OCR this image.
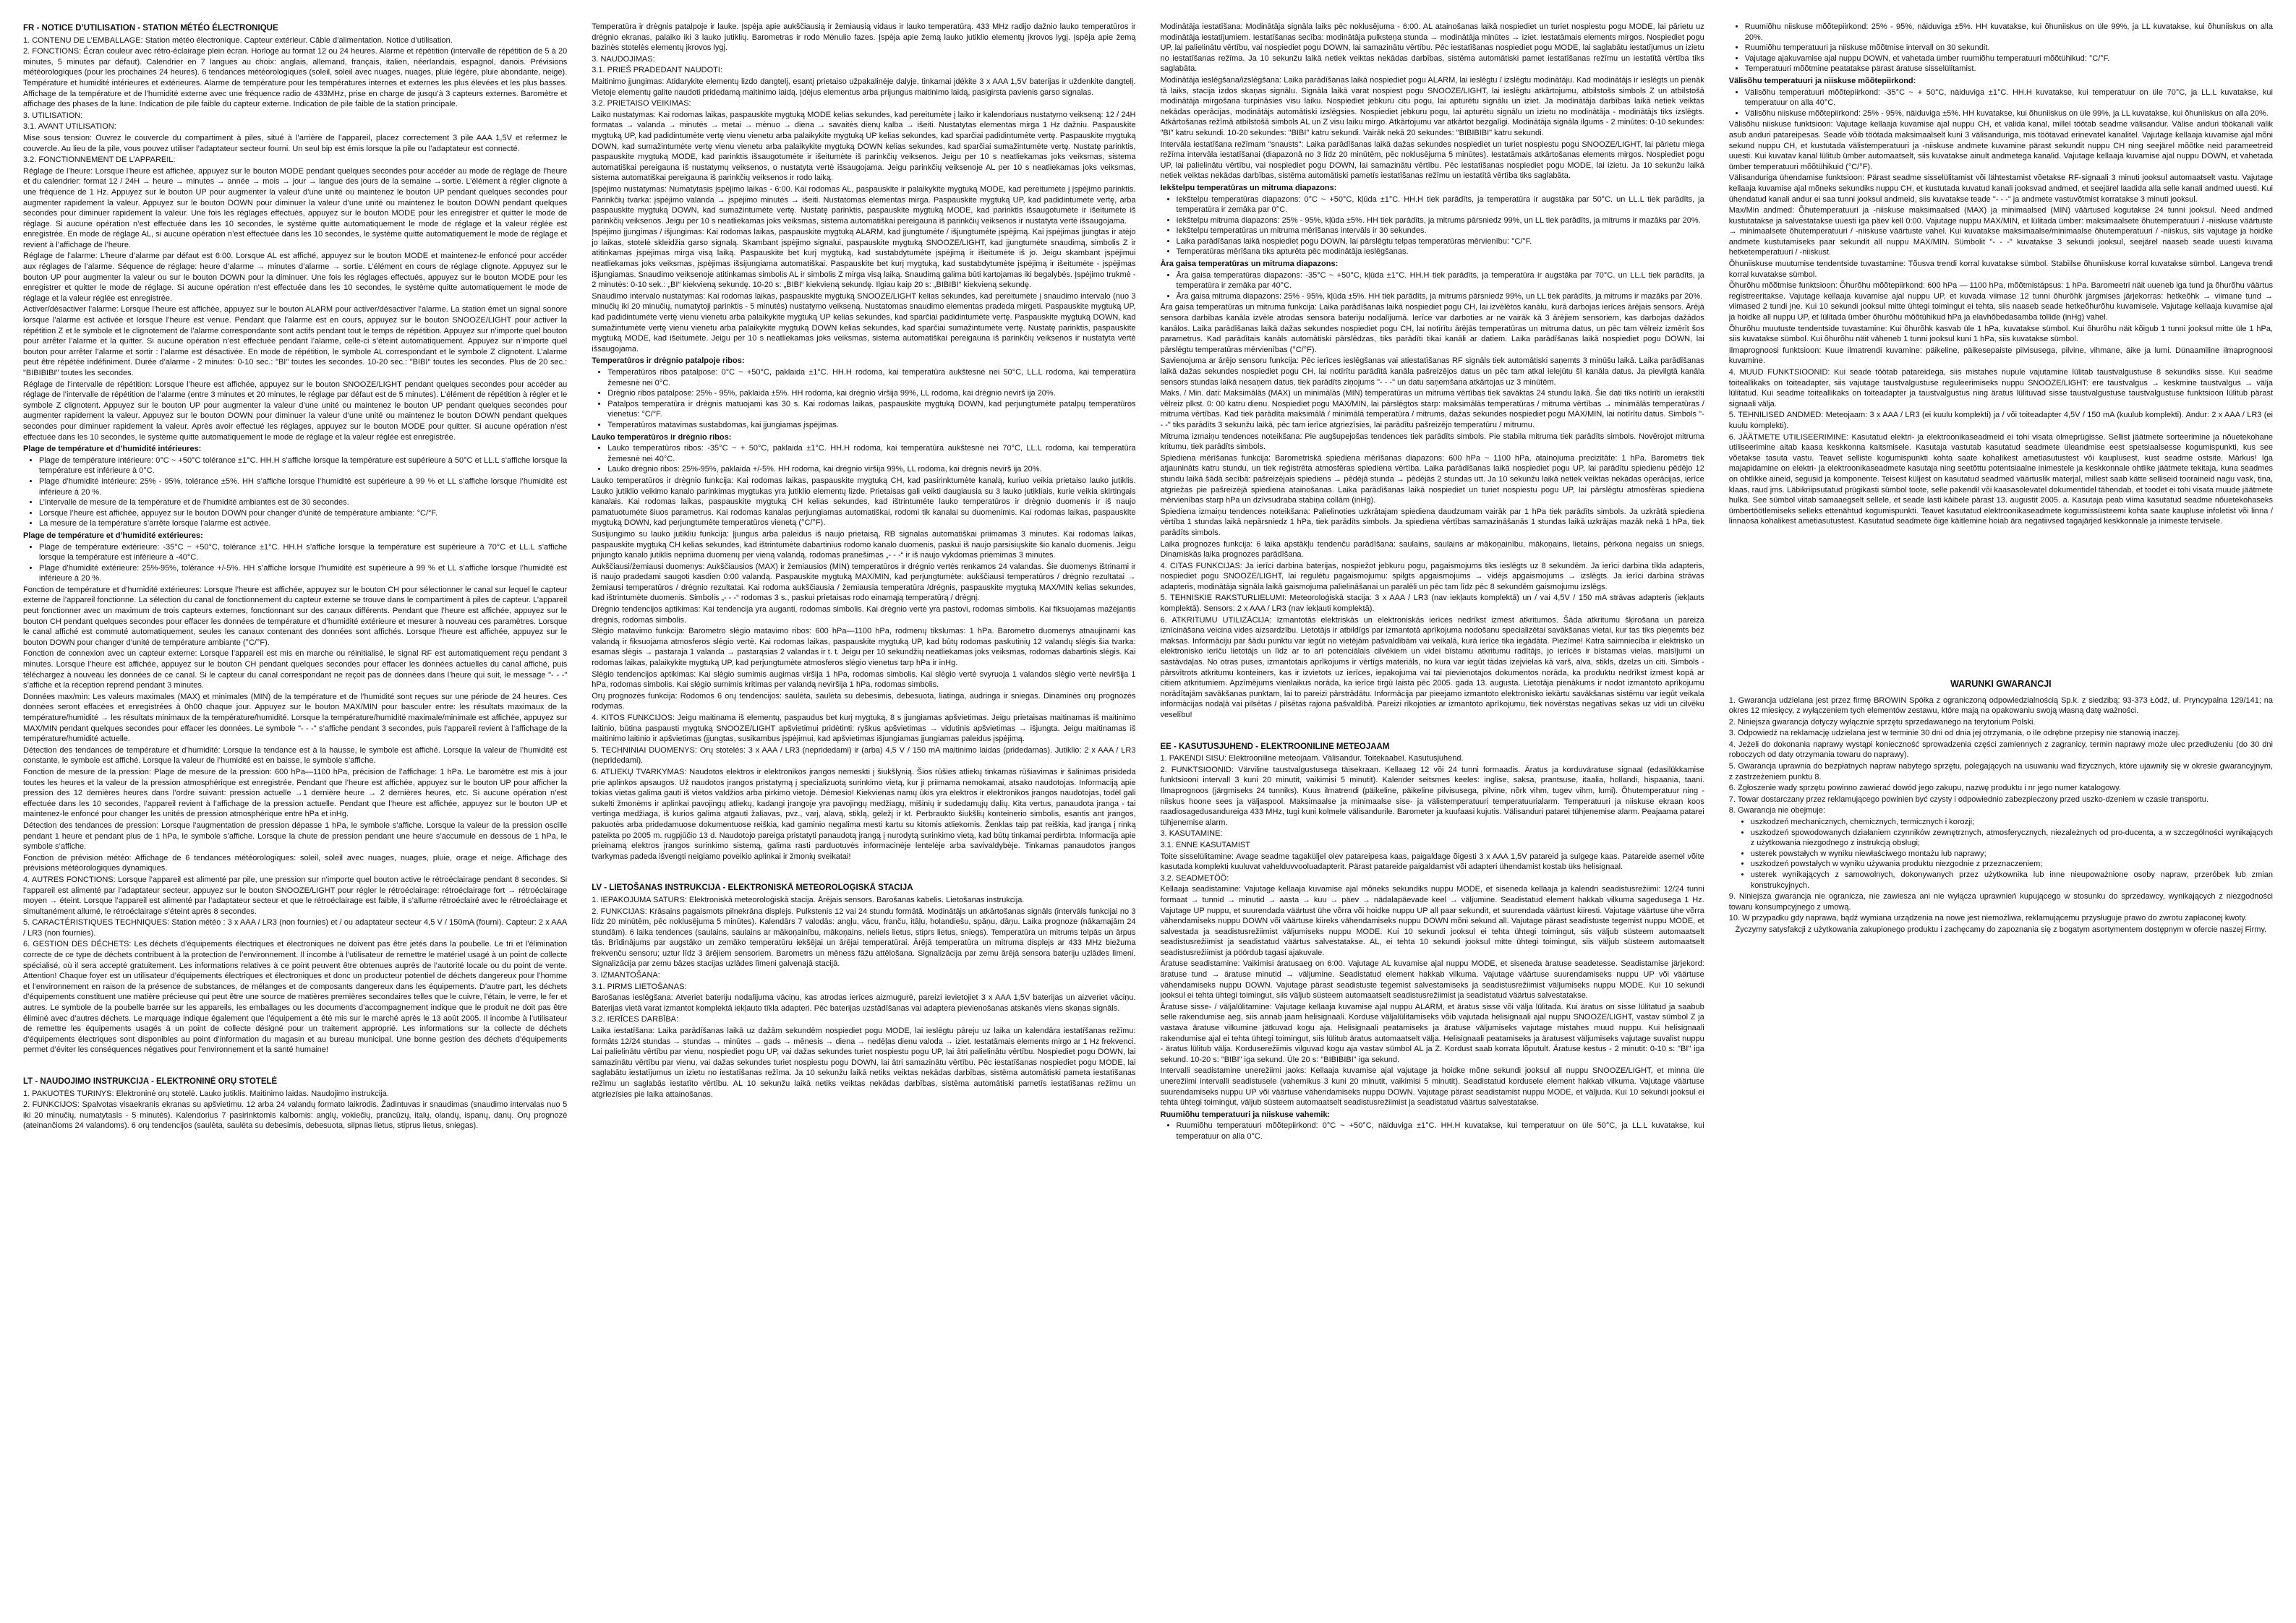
FR - NOTICE D’UTILISATION - STATION MÉTÉO ÉLECTRONIQUE

1. CONTENU DE L’EMBALLAGE: Station météo électronique. Capteur extérieur. Câble d’alimentation. Notice d’utilisation.

2. FONCTIONS: Écran couleur avec rétro-éclairage plein écran. Horloge au format 12 ou 24 heures. Alarme et répétition (intervalle de répétition de 5 à 20 minutes, 5 minutes par défaut). Calendrier en 7 langues au choix: anglais, allemand, français, italien, néerlandais, espagnol, danois. Prévisions météorologiques (pour les prochaines 24 heures). 6 tendances météorologiques (soleil, soleil avec nuages, nuages, pluie légère, pluie abondante, neige). Température et humidité intérieures et extérieures. Alarme de température pour les températures internes et externes les plus élevées et les plus basses. Affichage de la température et de l’humidité externe avec une fréquence radio de 433MHz, prise en charge de jusqu’à 3 capteurs externes. Baromètre et affichage des phases de la lune. Indication de pile faible du capteur externe. Indication de pile faible de la station principale.

3. UTILISATION:

3.1. AVANT UTILISATION:

Mise sous tension: Ouvrez le couvercle du compartiment à piles, situé à l’arrière de l’appareil, placez correctement 3 pile AAA 1,5V et refermez le couvercle. Au lieu de la pile, vous pouvez utiliser l’adaptateur secteur fourni. Un seul bip est émis lorsque la pile ou l’adaptateur est connecté.

3.2. FONCTIONNEMENT DE L’APPAREIL:

Réglage de l’heure: Lorsque l’heure est affichée, appuyez sur le bouton MODE pendant quelques secondes pour accéder au mode de réglage de l’heure et du calendrier: format 12 / 24H → heure → minutes → année → mois → jour → langue des jours de la semaine →sortie. L’élément à régler clignote à une fréquence de 1 Hz. Appuyez sur le bouton UP pour augmenter la valeur d’une unité ou maintenez le bouton UP pendant quelques secondes pour augmenter rapidement la valeur. Appuyez sur le bouton DOWN pour diminuer la valeur d’une unité ou maintenez le bouton DOWN pendant quelques secondes pour diminuer rapidement la valeur. Une fois les réglages effectués, appuyez sur le bouton MODE pour les enregistrer et quitter le mode de réglage. Si aucune opération n’est effectuée dans les 10 secondes, le système quitte automatiquement le mode de réglage et la valeur réglée est enregistrée. En mode de réglage AL, si aucune opération n’est effectuée dans les 10 secondes, le système quitte automatiquement le mode de réglage et revient à l’affichage de l’heure.

Réglage de l’alarme: L’heure d’alarme par défaut est 6:00. Lorsque AL est affiché, appuyez sur le bouton MODE et maintenez-le enfoncé pour accéder aux réglages de l’alarme. Séquence de réglage: heure d’alarme → minutes d’alarme → sortie. L’élément en cours de réglage clignote. Appuyez sur le bouton UP pour augmenter la valeur ou sur le bouton DOWN pour la diminuer. Une fois les réglages effectués, appuyez sur le bouton MODE pour les enregistrer et quitter le mode de réglage. Si aucune opération n’est effectuée dans les 10 secondes, le système quitte automatiquement le mode de réglage et la valeur réglée est enregistrée.

Activer/désactiver l’alarme: Lorsque l’heure est affichée, appuyez sur le bouton ALARM pour activer/désactiver l’alarme. La station émet un signal sonore lorsque l’alarme est activée et lorsque l’heure est venue. Pendant que l’alarme est en cours, appuyez sur le bouton SNOOZE/LIGHT pour activer la répétition Z et le symbole et le clignotement de l’alarme correspondante sont actifs pendant tout le temps de répétition. Appuyez sur n’importe quel bouton pour arrêter l’alarme et la quitter. Si aucune opération n’est effectuée pendant l’alarme, celle-ci s’éteint automatiquement. Appuyez sur n’importe quel bouton pour arrêter l’alarme et sortir : l’alarme est désactivée. En mode de répétition, le symbole AL correspondant et le symbole Z clignotent. L’alarme peut être répétée indéfiniment. Durée d’alarme - 2 minutes: 0-10 sec.: "BI" toutes les secondes. 10-20 sec.: "BIBI" toutes les secondes. Plus de 20 sec.: "BIBIBIBI" toutes les secondes.

Réglage de l’intervalle de répétition: Lorsque l’heure est affichée, appuyez sur le bouton SNOOZE/LIGHT pendant quelques secondes pour accéder au réglage de l’intervalle de répétition de l’alarme (entre 3 minutes et 20 minutes, le réglage par défaut est de 5 minutes). L’élément de répétition à régler et le symbole Z clignotent. Appuyez sur le bouton UP pour augmenter la valeur d’une unité ou maintenez le bouton UP pendant quelques secondes pour augmenter rapidement la valeur. Appuyez sur le bouton DOWN pour diminuer la valeur d’une unité ou maintenez le bouton DOWN pendant quelques secondes pour diminuer rapidement la valeur. Après avoir effectué les réglages, appuyez sur le bouton MODE pour quitter. Si aucune opération n’est effectuée dans les 10 secondes, le système quitte automatiquement le mode de réglage et la valeur réglée est enregistrée.

Plage de température et d’humidité intérieures:
• Plage de température intérieure: 0°C ~ +50°C tolérance ±1°C. HH.H s’affiche lorsque la température est supérieure à 50°C et LL.L s’affiche lorsque la température est inférieure à 0°C.
• Plage d’humidité intérieure: 25% - 95%, tolérance ±5%. HH s’affiche lorsque l’humidité est supérieure à 99 % et LL s’affiche lorsque l’humidité est inférieure à 20 %.
• L’intervalle de mesure de la température et de l’humidité ambiantes est de 30 secondes.
• Lorsque l’heure est affichée, appuyez sur le bouton DOWN pour changer d’unité de température ambiante: °C/°F.
• La mesure de la température s’arrête lorsque l’alarme est activée.
Plage de température et d’humidité extérieures:
• Plage de température extérieure: -35°C ~ +50°C, tolérance ±1°C. HH.H s’affiche lorsque la température est supérieure à 70°C et LL.L s’affiche lorsque la température est inférieure à -40°C.
• Plage d’humidité extérieure: 25%-95%, tolérance +/-5%. HH s’affiche lorsque l’humidité est supérieure à 99 % et LL s’affiche lorsque l’humidité est inférieure à 20 %.

Fonction de température et d’humidité extérieures: Lorsque l’heure est affichée, appuyez sur le bouton CH pour sélectionner le canal sur lequel le capteur externe de l’appareil fonctionne. La sélection du canal de fonctionnement du capteur externe se trouve dans le compartiment à piles de capteur. L’appareil peut fonctionner avec un maximum de trois capteurs externes, fonctionnant sur des canaux différents. Pendant que l’heure est affichée, appuyez sur le bouton CH pendant quelques secondes pour effacer les données de température et d’humidité extérieure et mesurer à nouveau ces paramètres. Lorsque le canal affiché est commuté automatiquement, seules les canaux contenant des données sont affichés. Lorsque l’heure est affichée, appuyez sur le bouton DOWN pour changer d’unité de température ambiante (°C/°F).

Fonction de connexion avec un capteur externe: Lorsque l’appareil est mis en marche ou réinitialisé, le signal RF est automatiquement reçu pendant 3 minutes. Lorsque l’heure est affichée, appuyez sur le bouton CH pendant quelques secondes pour effacer les données actuelles du canal affiché, puis téléchargez à nouveau les données de ce canal. Si le capteur du canal correspondant ne reçoit pas de données dans l’heure qui suit, le message "- - -" s’affiche et la réception reprend pendant 3 minutes.

Données max/min: Les valeurs maximales (MAX) et minimales (MIN) de la température et de l’humidité sont reçues sur une période de 24 heures. Ces données seront effacées et enregistrées à 0h00 chaque jour. Appuyez sur le bouton MAX/MIN pour basculer entre: les résultats maximaux de la température/humidité → les résultats minimaux de la température/humidité. Lorsque la température/humidité maximale/minimale est affichée, appuyez sur MAX/MIN pendant quelques secondes pour effacer les données. Le symbole "- - -" s’affiche pendant 3 secondes, puis l’appareil revient à l’affichage de la température/humidité actuelle.

Détection des tendances de température et d’humidité: Lorsque la tendance est à la hausse, le symbole est affiché. Lorsque la valeur de l’humidité est constante, le symbole est affiché. Lorsque la valeur de l’humidité est en baisse, le symbole s’affiche.

Fonction de mesure de la pression: Plage de mesure de la pression: 600 hPa—1100 hPa, précision de l’affichage: 1 hPa. Le baromètre est mis à jour toutes les heures et la valeur de la pression atmosphérique est enregistrée. Pendant que l’heure est affichée, appuyez sur le bouton UP pour afficher la pression des 12 dernières heures dans l’ordre suivant: pression actuelle →1 dernière heure → 2 dernières heures, etc. Si aucune opération n’est effectuée dans les 10 secondes, l’appareil revient à l’affichage de la pression actuelle. Pendant que l’heure est affichée, appuyez sur le bouton UP et maintenez-le enfoncé pour changer les unités de pression atmosphérique entre hPa et inHg.

Détection des tendances de pression: Lorsque l’augmentation de pression dépasse 1 hPa, le symbole s’affiche. Lorsque la valeur de la pression oscille pendant 1 heure et pendant plus de 1 hPa, le symbole s’affiche. Lorsque la chute de pression pendant une heure s’accumule en dessous de 1 hPa, le symbole s’affiche.

Fonction de prévision météo: Affichage de 6 tendances météorologiques: soleil, soleil avec nuages, nuages, pluie, orage et neige. Affichage des prévisions météorologiques dynamiques.

4. AUTRES FONCTIONS: Lorsque l’appareil est alimenté par pile, une pression sur n’importe quel bouton active le rétroéclairage pendant 8 secondes. Si l’appareil est alimenté par l’adaptateur secteur, appuyez sur le bouton SNOOZE/LIGHT pour régler le rétroéclairage: rétroéclairage fort → rétroéclairage moyen → éteint. Lorsque l’appareil est alimenté par l’adaptateur secteur et que le rétroéclairage est faible, il s’allume rétroéclairé avec le rétroéclairage et simultanément allumé, le rétroéclairage s’éteint après 8 secondes.

5. CARACTÉRISTIQUES TECHNIQUES: Station météo : 3 x AAA / LR3 (non fournies) et / ou adaptateur secteur 4,5 V / 150mA (fourni). Capteur: 2 x AAA / LR3 (non fournies).

6. GESTION DES DÉCHETS: Les déchets d’équipements électriques et électroniques ne doivent pas être jetés dans la poubelle. Le tri et l’élimination correcte de ce type de déchets contribuent à la protection de l’environnement. Il incombe à l’utilisateur de remettre le matériel usagé à un point de collecte spécialisé, où il sera accepté gratuitement. Les informations relatives à ce point peuvent être obtenues auprès de l’autorité locale ou du point de vente. Attention! Chaque foyer est un utilisateur d’équipements électriques et électroniques et donc un producteur potentiel de déchets dangereux pour l’homme et l’environnement en raison de la présence de substances, de mélanges et de composants dangereux dans les équipements. D’autre part, les déchets d’équipements constituent une matière précieuse qui peut être une source de matières premières secondaires telles que le cuivre, l’étain, le verre, le fer et autres. Le symbole de la poubelle barrée sur les appareils, les emballages ou les documents d’accompagnement indique que le produit ne doit pas être éliminé avec d’autres déchets. Le marquage indique également que l’équipement a été mis sur le marché après le 13 août 2005. Il incombe à l’utilisateur de remettre les équipements usagés à un point de collecte désigné pour un traitement approprié. Les informations sur la collecte de déchets d’équipements électriques sont disponibles au point d’information du magasin et au bureau municipal. Une bonne gestion des déchets d’équipements permet d’éviter les conséquences négatives pour l’environnement et la santé humaine!

LT - NAUDOJIMO INSTRUKCIJA - ELEKTRONINĖ ORŲ STOTELĖ

1. PAKUOTĖS TURINYS: Elektroninė orų stotelė. Lauko jutiklis. Maitinimo laidas. Naudojimo instrukcija.

2. FUNKCIJOS: Spalvotas visaekranis ekranas su apšvietimu. 12 arba 24 valandų formato laikrodis. Žadintuvas ir snaudimas (snaudimo intervalas nuo 5 iki 20 minučių, numatytasis - 5 minutės). Kalendorius 7 pasirinktomis kalbomis: anglų, vokiečių, prancūzų, italų, olandų, ispanų, danų. Orų prognozė (ateinančioms 24 valandoms). 6 orų tendencijos (saulėta, saulėta su debesimis, debesuota, silpnas lietus, stiprus lietus, sniegas).

Temperatūra ir drėgnis patalpoje ir lauke. Įspėja apie aukščiausią ir žemiausią vidaus ir lauko temperatūrą. 433 MHz radijo dažnio lauko temperatūros ir drėgnio ekranas, palaiko iki 3 lauko jutiklių. Barometras ir rodo Mėnulio fazes. Įspėja apie žemą lauko jutiklio elementų įkrovos lygį. Įspėja apie žemą bazinės stotelės elementų įkrovos lygį.

3. NAUDOJIMAS:

3.1. PRIEŠ PRADEDANT NAUDOTI:

Maitinimo įjungimas: Atidarykite elementų lizdo dangtelį, esantį prietaiso užpakalinėje dalyje, tinkamai įdėkite 3 x AAA 1,5V baterijas ir uždenkite dangtelį. Vietoje elementų galite naudoti pridedamą maitinimo laidą. Įdėjus elementus arba prijungus maitinimo laidą, pasigirsta pavienis garso signalas.

3.2. PRIETAISO VEIKIMAS:

Laiko nustatymas: Kai rodomas laikas, paspauskite mygtuką MODE kelias sekundes, kad pereitumėte į laiko ir kalendoriaus nustatymo veikseną: 12 / 24H formatas → valanda → minutės → metai → mėnuo → diena → savaitės dienų kalba → išeiti. Nustatytas elementas mirga 1 Hz dažniu. Paspauskite mygtuką UP, kad padidintumėte vertę vienu vienetu arba palaikykite mygtuką UP kelias sekundes, kad sparčiai padidintumėte vertę. Paspauskite mygtuką DOWN, kad sumažintumėte vertę vienu vienetu arba palaikykite mygtuką DOWN kelias sekundes, kad sparčiai sumažintumėte vertę. Nustatę parinktis, paspauskite mygtuką MODE, kad parinktis išsaugotumėte ir išeitumėte iš parinkčių veiksenos. Jeigu per 10 s neatliekamas joks veiksmas, sistema automatiškai pereigauna iš nustatymų veiksenos, o nustatyta vertė išsaugojama. Jeigu parinkčių veiksenoje AL per 10 s neatliekamas joks veiksmas, sistema automatiškai pereigauna iš parinkčių veiksenos ir rodo laiką.

Įspėjimo nustatymas: Numatytasis įspėjimo laikas - 6:00. Kai rodomas AL, paspauskite ir palaikykite mygtuką MODE, kad pereitumėte į įspėjimo parinktis. Parinkčių tvarka: įspėjimo valanda → įspėjimo minutės → išeiti. Nustatomas elementas mirga. Paspauskite mygtuką UP, kad padidintumėte vertę, arba paspauskite mygtuką DOWN, kad sumažintumėte vertę. Nustatę parinktis, paspauskite mygtuką MODE, kad parinktis išsaugotumėte ir išeitumėte iš parinkčių veiksenos. Jeigu per 10 s neatliekamas joks veiksmas, sistema automatiškai pereigauna iš parinkčių veiksenos ir nustatyta vertė išsaugojama.

Įspėjimo įjungimas / išjungimas: Kai rodomas laikas, paspauskite mygtuką ALARM, kad įjungtumėte / išjungtumėte įspėjimą. Kai įspėjimas įjungtas ir atėjo jo laikas, stotelė skleidžia garso signalą. Skambant įspėjimo signalui, paspauskite mygtuką SNOOZE/LIGHT, kad įjungtumėte snaudimą, simbolis Z ir atitinkamas įspėjimas mirga visą laiką. Paspauskite bet kurį mygtuką, kad sustabdytumėte įspėjimą ir išeitumėte iš jo. Jeigu skambant įspėjimui neatliekamas joks veiksmas, įspėjimas išsijungiama automatiškai. Paspauskite bet kurį mygtuką, kad sustabdytumėte įspėjimą ir išeitumėte - įspėjimas išjungiamas. Snaudimo veiksenoje atitinkamas simbolis AL ir simbolis Z mirga visą laiką. Snaudimą galima būti kartojamas iki begalybės. Įspėjimo trukmė - 2 minutės: 0-10 sek.: „BI“ kiekvieną sekundę. 10-20 s: „BIBI“ kiekvieną sekundę. Ilgiau kaip 20 s: „BIBIBI“ kiekvieną sekundę.

Snaudimo intervalo nustatymas: Kai rodomas laikas, paspauskite mygtuką SNOOZE/LIGHT kelias sekundes, kad pereitumėte į snaudimo intervalo (nuo 3 minučių iki 20 minučių, numatytoji parinktis - 5 minutės) nustatymo veikseną. Nustatomas snaudimo elementas pradeda mirgeti. Paspauskite mygtuką UP, kad padidintumėte vertę vienu vienetu arba palaikykite mygtuką UP kelias sekundes, kad sparčiai padidintumėte vertę. Paspauskite mygtuką DOWN, kad sumažintumėte vertę vienu vienetu arba palaikykite mygtuką DOWN kelias sekundes, kad sparčiai sumažintumėte vertę. Nustatę parinktis, paspauskite mygtuką MODE, kad išeitumėte. Jeigu per 10 s neatliekamas joks veiksmas, sistema automatiškai pereigauna iš parinkčių veiksenos ir nustatyta vertė išsaugojama.

Temperatūros ir drėgnio patalpoje ribos:
• Temperatūros ribos patalpose: 0°C ~ +50°C, paklaida ±1°C. HH.H rodoma, kai temperatūra aukštesnė nei 50°C, LL.L rodoma, kai temperatūra žemesnė nei 0°C.
• Drėgnio ribos patalpose: 25% - 95%, paklaida ±5%. HH rodoma, kai drėgnio viršija 99%, LL rodoma, kai drėgnio nevirš ija 20%.
• Patalpos temperatūra ir drėgnis matuojami kas 30 s. Kai rodomas laikas, paspauskite mygtuką DOWN, kad perjungtumėte patalpų temperatūros vienetus: °C/°F.
• Temperatūros matavimas sustabdomas, kai įjungiamas įspėjimas.
Lauko temperatūros ir drėgnio ribos:
• Lauko temperatūros ribos: -35°C ~ + 50°C, paklaida ±1°C. HH.H rodoma, kai temperatūra aukštesnė nei 70°C, LL.L rodoma, kai temperatūra žemesnė nei 40°C.
• Lauko drėgnio ribos: 25%-95%, paklaida +/-5%. HH rodoma, kai drėgnio viršija 99%, LL rodoma, kai drėgnis nevirš ija 20%.

Lauko temperatūros ir drėgnio funkcija: Kai rodomas laikas, paspauskite mygtuką CH, kad pasirinktumėte kanalą, kuriuo veikia prietaiso lauko jutiklis. Lauko jutiklio veikimo kanalo parinkimas mygtukas yra jutiklio elementų lizde. Prietaisas gali veikti daugiausia su 3 lauko jutikliais, kurie veikia skirtingais kanalais. Kai rodomas laikas, paspauskite mygtuką CH kelias sekundes, kad ištrintumėte lauko temperatūros ir drėgnio duomenis ir iš naujo pamatuotumėte šiuos parametrus. Kai rodomas kanalas perjungiamas automatiškai, rodomi tik kanalai su duomenimis. Kai rodomas laikas, paspauskite mygtuką DOWN, kad perjungtumėte temperatūros vienetą (°C/°F).

Susijungimo su lauko jutikliu funkcija: Įjungus arba paleidus iš naujo prietaisą, RB signalas automatiškai priimamas 3 minutes. Kai rodomas laikas, paspauskite mygtuką CH kelias sekundes, kad ištrintumėte dabartinius rodomo kanalo duomenis, paskui iš naujo parsisiųskite šio kanalo duomenis. Jeigu prijungto kanalo jutiklis nepriima duomenų per vieną valandą, rodomas pranešimas „- - -“ ir iš naujo vykdomas priėmimas 3 minutes.

Aukščiausi/žemiausi duomenys: Aukščiausios (MAX) ir žemiausios (MIN) temperatūros ir drėgnio vertės renkamos 24 valandas. Šie duomenys ištrinami ir iš naujo pradedami saugoti kasdien 0:00 valandą. Paspauskite mygtuką MAX/MIN, kad perjungtumėte: aukščiausi temperatūros / drėgnio rezultatai → žemiausi temperatūros / drėgnio rezultatai. Kai rodoma aukščiausia / žemiausia temperatūra /drėgnis, paspauskite mygtuką MAX/MIN kelias sekundes, kad ištrintumėte duomenis. Simbolis „- - -“ rodomas 3 s., paskui prietaisas rodo einamąją temperatūrą / drėgnį.

Drėgnio tendencijos aptikimas: Kai tendencija yra auganti, rodomas simbolis. Kai drėgnio vertė yra pastovi, rodomas simbolis. Kai fiksuojamas mažėjantis drėgnis, rodomas simbolis.

Slėgio matavimo funkcija: Barometro slėgio matavimo ribos: 600 hPa—1100 hPa, rodmenų tikslumas: 1 hPa. Barometro duomenys atnaujinami kas valandą ir fiksuojama atmosferos slėgio vertė. Kai rodomas laikas, paspauskite mygtuką UP, kad būtų rodomas paskutinių 12 valandų slėgis šia tvarka: esamas slėgis → pastaraja 1 valanda → pastarąsias 2 valandas ir t. t. Jeigu per 10 sekundžių neatliekamas joks veiksmas, rodomas dabartinis slėgis. Kai rodomas laikas, palaikykite mygtuką UP, kad perjungtumėte atmosferos slėgio vienetus tarp hPa ir inHg.

Slėgio tendencijos aptikimas: Kai slėgio sumimis augimas viršija 1 hPa, rodomas simbolis. Kai slėgio vertė svyruoja 1 valandos slėgio vertė neviršija 1 hPa, rodomas simbolis. Kai slėgio sumimis kritimas per valandą neviršija 1 hPa, rodomas simbolis.

Orų prognozės funkcija: Rodomos 6 orų tendencijos: saulėta, saulėta su debesimis, debesuota, liatinga, audringa ir sniegas. Dinaminės orų prognozės rodymas.

4. KITOS FUNKCIJOS: Jeigu maitinama iš elementų, paspaudus bet kurį mygtuką, 8 s įjungiamas apšvietimas. Jeigu prietaisas maitinamas iš maitinimo laitinio, būtina paspausti mygtuką SNOOZE/LIGHT apšvietimui pridėtinti: ryškus apšvietimas → vidutinis apšvietimas → išjungta. Jeigu maitinamas iš maitinimo laitinio ir apšvietimas (įjungtas, susikambus įspėjimui, kad apšvietimas išjungiamas įjungiamas paleidus įspėjimą.

5. TECHNINIAI DUOMENYS: Orų stotelės: 3 x AAA / LR3 (nepridedami) ir (arba) 4,5 V / 150 mA maitinimo laidas (pridedamas). Jutiklio: 2 x AAA / LR3 (nepridedami).

6. ATLIEKŲ TVARKYMAS: Naudotos elektros ir elektronikos įrangos nemeskti į šiukšlynią. Šios rūšies atliekų tinkamas rūšiavimas ir šalinimas prisideda prie aplinkos apsaugos. Už naudotos įrangos pristatymą į specializuotą surinkimo vietą, kur ji priimama nemokamai, atsako naudotojas. Informaciją apie tokias vietas galima gauti iš vietos valdžios arba pirkimo vietoje. Dėmesio! Kiekvienas namų ūkis yra elektros ir elektronikos įrangos naudotojas, todėl gali sukelti žmonėms ir aplinkai pavojingų atliekų, kadangi įrangoje yra pavojingų medžiagų, mišinių ir sudedamųjų dalių. Kita vertus, panaudota įranga - tai vertinga medžiaga, iš kurios galima atgauti žaliavas, pvz., varį, alavą, stiklą, geležį ir kt. Perbraukto šiukšlių konteinerio simbolis, esantis ant įrangos, pakuotės arba pridedamuose dokumentuose reiškia, kad gaminio negalima mesti kartu su kitomis atliekomis. Ženklas taip pat reiškia, kad įranga į rinką pateikta po 2005 m. rugpjūčio 13 d. Naudotojo pareiga pristatyti panaudotą įrangą į nurodytą surinkimo vietą, kad būtų tinkamai perdirbta. Informacija apie prieinamą elektros įrangos surinkimo sistemą, galima rasti parduotuvės informacinėje lentelėje arba savivaldybėje. Tinkamas panaudotos įrangos tvarkymas padeda išvengti neigiamo poveikio aplinkai ir žmonių sveikatai!

LV - LIETOŠANAS INSTRUKCIJA - ELEKTRONISKĀ METEOROLOĢISKĀ STACIJA

1. IEPAKOJUMA SATURS: Elektroniskā meteoroloģiskā stacija. Ārējais sensors. Barošanas kabelis. Lietošanas instrukcija.

2. FUNKCIJAS: Krāsains pagaismots pilnekrāna displejs. Pulkstenis 12 vai 24 stundu formātā. Modinātājs un atkārtošanas signāls (intervāls funkcijai no 3 līdz 20 minūtēm, pēc noklusējuma 5 minūtes). Kalendārs 7 valodās: angļu, vācu, franču, itāļu, holandiešu, spāņu, dāņu. Laika prognoze (nākamajām 24 stundām). 6 laika tendences (saulains, saulains ar mākoņainību, mākoņains, neliels lietus, stiprs lietus, sniegs). Temperatūra un mitrums telpās un ārpus tās. Brīdinājums par augstāko un zemāko temperatūru iekšējai un ārējai temperatūrai. Ārējā temperatūra un mitruma displejs ar 433 MHz biežuma frekvenču sensoru; uztur līdz 3 ārējiem sensoriem. Barometrs un mēness fāžu attēlošana. Signalizācija par zemu ārējā sensora bateriju uzlādes līmeni. Signalizācija par zemu bāzes stacijas uzlādes līmeni galvenajā stacijā.

3. IZMANTOŠANA:

3.1. PIRMS LIETOŠANAS:

Barošanas ieslēgšana: Atveriet bateriju nodalījuma vāciņu, kas atrodas ierīces aizmugurē, pareizi ievietojiet 3 x AAA 1,5V baterijas un aizveriet vāciņu. Baterijas vietā varat izmantot komplektā iekļauto tīkla adapteri. Pēc baterijas uzstādīšanas vai adaptera pievienošanas atskanēs viens skaņas signāls.

3.2. IERĪCES DARBĪBA:

Laika iestatīšana: Laika parādīšanas laikā uz dažām sekundēm nospiediet pogu MODE, lai ieslēgtu pāreju uz laika un kalendāra iestatīšanas režīmu: formāts 12/24 stundas → stundas → minūtes → gads → mēnesis → diena → nedēļas dienu valoda → iziet. Iestatāmais elements mirgo ar 1 Hz frekvenci. Lai palielinātu vērtību par vienu, nospiediet pogu UP, vai dažas sekundes turiet nospiestu pogu UP, lai ātri palielinātu vērtību. Nospiediet pogu DOWN, lai samazinātu vērtību par vienu, vai dažas sekundes turiet nospiestu pogu DOWN, lai ātri samazinātu vērtību. Pēc iestatīšanas nospiediet pogu MODE, lai saglabātu iestatījumus un izietu no iestatīšanas režīma. Ja 10 sekunžu laikā netiks veiktas nekādas darbības, sistēma automātiski pameta iestatīšanas režīmu un saglabās iestatīto vērtību. AL 10 sekunžu laikā netiks veiktas nekādas darbības, sistēma automātiski pametīs iestatīšanas režīmu un atgriezīsies pie laika attainošanas.

Modinātāja iestatīšana: Modinātāja signāla laiks pēc noklusējuma - 6:00. AL atainošanas laikā nospiediet un turiet nospiestu pogu MODE, lai pārietu uz modinātāja iestatījumiem. Iestatīšanas secība: modinātāja pulksteņa stunda → modinātāja minūtes → iziet. Iestatāmais elements mirgos. Nospiediet pogu UP, lai palielinātu vērtību, vai nospiediet pogu DOWN, lai samazinātu vērtību. Pēc iestatīšanas nospiediet pogu MODE, lai saglabātu iestatījumus un izietu no iestatīšanas režīma. Ja 10 sekunžu laikā netiek veiktas nekādas darbības, sistēma automātiski pamet iestatīšanas režīmu un iestatītā vērtība tiks saglabāta.

Modinātāja ieslēgšana/izslēgšana: Laika parādīšanas laikā nospiediet pogu ALARM, lai ieslēgtu / izslēgtu modinātāju. Kad modinātājs ir ieslēgts un pienāk tā laiks, stacija izdos skaņas signālu. Signāla laikā varat nospiest pogu SNOOZE/LIGHT, lai ieslēgtu atkārtojumu, atbilstošs simbols Z un atbilstošā modinātāja mirgošana turpināsies visu laiku. Nospiediet jebkuru citu pogu, lai apturētu signālu un iziet. Ja modinātāja darbības laikā netiek veiktas nekādas operācijas, modinātājs automātiski izslēgsies. Nospiediet jebkuru pogu, lai apturētu signālu un izietu no modinātāja - modinātājs tiks izslēgts. Atkārtošanas režīmā atbilstošā simbols AL un Z visu laiku mirgo. Atkārtojumu var atkārtot bezgalīgi. Modinātāja signāla ilgums - 2 minūtes: 0-10 sekundes: "BI" katru sekundi. 10-20 sekundes: "BIBI" katru sekundi. Vairāk nekā 20 sekundes: "BIBIBIBI" katru sekundi.

Intervāla iestatīšana režīmam "snausts": Laika parādīšanas laikā dažas sekundes nospiediet un turiet nospiestu pogu SNOOZE/LIGHT, lai pārietu miega režīma intervāla iestatīšanai (diapazonā no 3 līdz 20 minūtēm, pēc noklusējuma 5 minūtes). Iestatāmais atkārtošanas elements mirgos. Nospiediet pogu UP, lai palielinātu vērtību, vai nospiediet pogu DOWN, lai samazinātu vērtību. Pēc iestatīšanas nospiediet pogu MODE, lai izietu. Ja 10 sekunžu laikā netiek veiktas nekādas darbības, sistēma automātiski pametīs iestatīšanas režīmu un iestatītā vērtība tiks saglabāta.

Iekštelpu temperatūras un mitruma diapazons:
• Iekštelpu temperatūras diapazons: 0°C ~ +50°C, kļūda ±1°C. HH.H tiek parādīts, ja temperatūra ir augstāka par 50°C. un LL.L tiek parādīts, ja temperatūra ir zemāka par 0°C.
• Iekštelpu mitruma diapazons: 25% - 95%, kļūda ±5%. HH tiek parādīts, ja mitrums pārsniedz 99%, un LL tiek parādīts, ja mitrums ir mazāks par 20%.
• Iekštelpu temperatūras un mitruma mērīšanas intervāls ir 30 sekundes.
• Laika parādīšanas laikā nospiediet pogu DOWN, lai pārslēgtu telpas temperatūras mērvienību: °C/°F.
• Temperatūras mērīšana tiks apturēta pēc modinātāja ieslēgšanas.
Āra gaisa temperatūras un mitruma diapazons:
• Āra gaisa temperatūras diapazons: -35°C ~ +50°C, kļūda ±1°C. HH.H tiek parādīts, ja temperatūra ir augstāka par 70°C. un LL.L tiek parādīts, ja temperatūra ir zemāka par 40°C.
• Āra gaisa mitruma diapazons: 25% - 95%, kļūda ±5%. HH tiek parādīts, ja mitrums pārsniedz 99%, un LL tiek parādīts, ja mitrums ir mazāks par 20%.

Āra gaisa temperatūras un mitruma funkcija: Laika parādīšanas laikā nospiediet pogu CH, lai izvēlētos kanālu, kurā darbojas ierīces ārējais sensors. Ārējā sensora darbības kanāla izvēle atrodas sensora bateriju nodalījumā. Ierīce var darboties ar ne vairāk kā 3 ārējiem sensoriem, kas darbojas dažādos kanālos. Laika parādīšanas laikā dažas sekundes nospiediet pogu CH, lai notīrītu ārējās temperatūras un mitruma datus, un pēc tam vēlreiz izmērīt šos parametrus. Kad parādītais kanāls automātiski pārslēdzas, tiks parādīti tikai kanāli ar datiem. Laika parādīšanas laikā nospiediet pogu DOWN, lai pārslēgtu temperatūras mērvienības (°C/°F).

Savienojuma ar ārējo sensoru funkcija: Pēc ierīces ieslēgšanas vai atiestatīšanas RF signāls tiek automātiski saņemts 3 minūšu laikā. Laika parādīšanas laikā dažas sekundes nospiediet pogu CH, lai notīrītu parādītā kanāla pašreizējos datus un pēc tam atkal ielejūtu šī kanāla datus. Ja pievilgtā kanāla sensors stundas laikā nesaņem datus, tiek parādīts ziņojums "- - -" un datu saņemšana atkārtojas uz 3 minūtēm.

Maks. / Min. dati: Maksimālās (MAX) un minimālās (MIN) temperatūras un mitruma vērtības tiek savāktas 24 stundu laikā. Šie dati tiks notīrīti un ierakstīti vēlreiz plkst. 0: 00 katru dienu. Nospiediet pogu MAX/MIN, lai pārslēgtos starp: maksimālās temperatūras / mitruma vērtības → minimālās temperatūras / mitruma vērtības. Kad tiek parādīta maksimālā / minimālā temperatūra / mitrums, dažas sekundes nospiediet pogu MAX/MIN, lai notīrītu datus. Simbols "- - -" tiks parādīts 3 sekunžu laikā, pēc tam ierīce atgriezīsies, lai parādītu pašreizējo temperatūru / mitrumu.

Mitruma izmaiņu tendences noteikšana: Pie augšupejošas tendences tiek parādīts simbols. Pie stabila mitruma tiek parādīts simbols. Novērojot mitruma kritumu, tiek parādīts simbols.

Spiediena mērīšanas funkcija: Barometriskā spiediena mērīšanas diapazons: 600 hPa ~ 1100 hPa, atainojuma precizitāte: 1 hPa. Barometrs tiek atjaunināts katru stundu, un tiek reģistrēta atmosfēras spiediena vērtība. Laika parādīšanas laikā nospiediet pogu UP, lai parādītu spiedienu pēdējo 12 stundu laikā šādā secībā: pašreizējais spiediens → pēdējā stunda → pēdējās 2 stundas utt. Ja 10 sekunžu laikā netiek veiktas nekādas operācijas, ierīce atgriežas pie pašreizējā spiediena atainošanas. Laika parādīšanas laikā nospiediet un turiet nospiestu pogu UP, lai pārslēgtu atmosfēras spiediena mērvienības starp hPa un dzīvsudraba stabiņa collām (inHg).

Spiediena izmaiņu tendences noteikšana: Palielinoties uzkrātajam spiediena daudzumam vairāk par 1 hPa tiek parādīts simbols. Ja uzkrātā spiediena vērtība 1 stundas laikā nepārsniedz 1 hPa, tiek parādīts simbols. Ja spiediena vērtības samazināšanās 1 stundas laikā uzkrājas mazāk nekā 1 hPa, tiek parādīts simbols.

Laika prognozes funkcija: 6 laika apstākļu tendenču parādīšana: saulains, saulains ar mākoņainību, mākoņains, lietains, pērkona negaiss un sniegs. Dinamiskās laika prognozes parādīšana.

4. CITAS FUNKCIJAS: Ja ierīci darbina baterijas, nospiežot jebkuru pogu, pagaismojums tiks ieslēgts uz 8 sekundēm. Ja ierīci darbina tīkla adapteris, nospiediet pogu SNOOZE/LIGHT, lai regulētu pagaismojumu: spilgts apgaismojums → vidējs apgaismojums → izslēgts. Ja ierīci darbina strāvas adapteris, modinātāja signāla laikā gaismojuma palielināšanai un paralēli un pēc tam līdz pēc 8 sekundēm gaismojumu izslēgs.

5. TEHNISKIE RAKSTURLIELUMI: Meteoroloģiskā stacija: 3 x AAA / LR3 (nav iekļauts komplektā) un / vai 4,5V / 150 mA strāvas adapteris (iekļauts komplektā). Sensors: 2 x AAA / LR3 (nav iekļauti komplektā).

6. ATKRITUMU UTILIZĀCIJA: Izmantotās elektriskās un elektroniskās ierīces nedrīkst izmest atkritumos. Šāda atkritumu šķirošana un pareiza iznīcināšana veicina vides aizsardzību. Lietotājs ir atbildīgs par izmantotā aprīkojuma nodošanu specializētai savākšanas vietai, kur tas tiks pieņemts bez maksas. Informāciju par šādu punktu var iegūt no vietējām pašvaldībām vai veikalā, kurā ierīce tika iegādāta. Piezīme! Katra saimniecība ir elektrisko un elektronisko ierīču lietotājs un līdz ar to arī potenciālais cilvēkiem un videi bīstamu atkritumu radītājs, jo ierīcēs ir bīstamas vielas, maisījumi un sastāvdaļas. No otras puses, izmantotais aprīkojums ir vērtīgs materiāls, no kura var iegūt tādas izejvielas kā varš, alva, stikls, dzelzs un citi. Simbols - pārsvītrots atkritumu konteiners, kas ir izvietots uz ierīces, iepakojuma vai tai pievienotajos dokumentos norāda, ka produktu nedrīkst izmest kopā ar citiem atkritumiem. Apzīmējums vienlaikus norāda, ka ierīce tirgū laista pēc 2005. gada 13. augusta. Lietotāja pienākums ir nodot izmantoto aprīkojumu norādītajām savākšanas punktam, lai to pareizi pārstrādātu. Informācija par pieejamo izmantoto elektronisko iekārtu savākšanas sistēmu var iegūt veikala informācijas nodaļā vai pilsētas / pilsētas rajona pašvaldībā. Pareizi rīkojoties ar izmantoto aprīkojumu, tiek novērstas negatīvas sekas uz vidi un cilvēku veselību!

EE - KASUTUSJUHEND - ELEKTROONILINE METEOJAAM

1. PAKENDI SISU: Elektrooniline meteojaam. Välisandur. Toitekaabel. Kasutusjuhend.

2. FUNKTSIOONID: Värviline taustvalgustusega täisekraan. Kellaaeg 12 või 24 tunni formaadis. Äratus ja korduväratuse signaal (edasilükkamise funktsiooni intervall 3 kuni 20 minutit, vaikimisi 5 minutit). Kalender seitsmes keeles: inglise, saksa, prantsuse, itaalia, hollandi, hispaania, taani. Ilmaprognoos (järgmiseks 24 tunniks). Kuus ilmatrendi (päikeline, päikeline pilvisusega, pilvine, nõrk vihm, tugev vihm, lumi). Õhutemperatuur ning -niiskus hoone sees ja väljaspool. Maksimaalse ja minimaalse sise- ja välistemperatuuri temperatuurialarm. Temperatuuri ja niiskuse ekraan koos raadiosagedusandureiga 433 MHz, tugi kuni kolmele välisandurile. Barometer ja kuufaasi kujutis. Välisanduri patarei tühjenemise alarm. Peajaama patarei tühjenemise alarm.

3. KASUTAMINE:

3.1. ENNE KASUTAMIST

Toite sisselülitamine: Avage seadme tagaküljel olev patareipesa kaas, paigaldage õigesti 3 x AAA 1,5V patareid ja sulgege kaas. Patareide asemel võite kasutada komplekti kuuluvat vahelduvvooluadapterit. Pärast patareide paigaldamist või adapteri ühendamist kostab üks helisignaal.

3.2. SEADMETÖÖ:

Kellaaja seadistamine: Vajutage kellaaja kuvamise ajal mõneks sekundiks nuppu MODE, et siseneda kellaaja ja kalendri seadistusrežiimi: 12/24 tunni formaat → tunnid → minutid → aasta → kuu → päev → nädalapäevade keel → väljumine. Seadistatud element hakkab vilkuma sagedusega 1 Hz. Vajutage UP nuppu, et suurendada väärtust ühe võrra või hoidke nuppu UP all paar sekundit, et suurendada väärtust kiiresti. Vajutage väärtuse ühe võrra vähendamiseks nuppu DOWN või väärtuse kiireks vähendamiseks nuppu DOWN mõni sekund all. Vajutage pärast seadistuste tegemist nuppu MODE, et salvestada ja seadistusrežiimist väljumiseks nuppu MODE. Kui 10 sekundi jooksul ei tehta ühtegi toimingut, siis väljub süsteem automaatselt seadistusrežiimist ja seadistatud väärtus salvestatakse. AL, ei tehta 10 sekundi jooksul mitte ühtegi toimingut, siis väljub süsteem automaatselt seadistusrežiimist ja pöördub tagasi ajakuvale.

Äratuse seadistamine: Vaikimisi äratusaeg on 6:00. Vajutage AL kuvamise ajal nuppu MODE, et siseneda äratuse seadetesse. Seadistamise järjekord: äratuse tund → äratuse minutid → väljumine. Seadistatud element hakkab vilkuma. Vajutage väärtuse suurendamiseks nuppu UP või väärtuse vähendamiseks nuppu DOWN. Vajutage pärast seadistuste tegemist salvestamiseks ja seadistusrežiimist väljumiseks nuppu MODE. Kui 10 sekundi jooksul ei tehta ühtegi toimingut, siis väljub süsteem automaatselt seadistusrežiimist ja seadistatud väärtus salvestatakse.

Äratuse sisse- / väljalülitamine: Vajutage kellaaja kuvamise ajal nuppu ALARM, et äratus sisse või välja lülitada. Kui äratus on sisse lülitatud ja saabub selle rakendumise aeg, siis annab jaam helisignaali. Korduse väljalülitamiseks võib vajutada helisignaali ajal nuppu SNOOZE/LIGHT, vastav sümbol Z ja vastava äratuse vilkumine jätkuvad kogu aja. Helisignaali peatamiseks ja äratuse väljumiseks vajutage mistahes muud nuppu. Kui helisignaali rakendumise ajal ei tehta ühtegi toimingut, siis lülitub äratus automaatselt välja. Helisignaali peatamiseks ja äratusest väljumiseks vajutage suvalist nuppu - äratus lülitub välja. Korduserežiimis vilguvad kogu aja vastav sümbol AL ja Z. Kordust saab korrata lõputult. Äratuse kestus - 2 minutit: 0-10 s: "BI" iga sekund. 10-20 s: "BIBI" iga sekund. Üle 20 s: "BIBIBIBI" iga sekund.

Intervalli seadistamine unerežiimi jaoks: Kellaaja kuvamise ajal vajutage ja hoidke mõne sekundi jooksul all nuppu SNOOZE/LIGHT, et minna üle unerežiimi intervalli seadistusele (vahemikus 3 kuni 20 minutit, vaikimisi 5 minutit). Seadistatud kordusele element hakkab vilkuma. Vajutage väärtuse suurendamiseks nuppu UP või väärtuse vähendamiseks nuppu DOWN. Vajutage pärast seadistamist nuppu MODE, et väljuda. Kui 10 sekundi jooksul ei tehta ühtegi toimingut, väljub süsteem automaatselt seadistusrežiimist ja seadistatud väärtus salvestatakse.

Ruumiõhu temperatuuri ja niiskuse vahemik:
• Ruumiõhu temperatuuri mõõtepiirkond: 0°C ~ +50°C, näiduviga ±1°C. HH.H kuvatakse, kui temperatuur on üle 50°C, ja LL.L kuvatakse, kui temperatuur on alla 0°C.
• Ruumiõhu niiskuse mõõtepiirkond: 25% - 95%, näiduviga ±5%. HH kuvatakse, kui õhuniiskus on üle 99%, ja LL kuvatakse, kui õhuniiskus on alla 20%.
• Ruumiõhu temperatuuri ja niiskuse mõõtmise intervall on 30 sekundit.
• Vajutage ajakuvamise ajal nuppu DOWN, et vahetada ümber ruumiõhu temperatuuri mõõtühikud: °C/°F.
• Temperatuuri mõõtmine peatatakse pärast äratuse sisselülitamist.
Välisõhu temperatuuri ja niiskuse mõõtepiirkond:
• Välisõhu temperatuuri mõõtepiirkond: -35°C ~ + 50°C, näiduviga ±1°C. HH.H kuvatakse, kui temperatuur on üle 70°C, ja LL.L kuvatakse, kui temperatuur on alla 40°C.
• Välisõhu niiskuse mõõtepiirkond: 25% - 95%, näiduviga ±5%. HH kuvatakse, kui õhuniiskus on üle 99%, ja LL kuvatakse, kui õhuniiskus on alla 20%.

Välisõhu niiskuse funktsioon: Vajutage kellaaja kuvamise ajal nuppu CH, et valida kanal, millel töötab seadme välisandur. Välise anduri töökanali valik asub anduri patareipesas. Seade võib töötada maksimaalselt kuni 3 välisanduriga, mis töötavad erinevatel kanalitel. Vajutage kellaaja kuvamise ajal mõni sekund nuppu CH, et kustutada välistemperatuuri ja -niiskuse andmete kuvamine pärast sekundit nuppu CH ning seejärel mõõtke neid parameetreid uuesti. Kui kuvatav kanal lülitub ümber automaatselt, siis kuvatakse ainult andmetega kanalid. Vajutage kellaaja kuvamise ajal nuppu DOWN, et vahetada ümber temperatuuri mõõtühikuid (°C/°F).

Välisanduriga ühendamise funktsioon: Pärast seadme sisselülitamist või lähtestamist võetakse RF-signaali 3 minuti jooksul automaatselt vastu. Vajutage kellaaja kuvamise ajal mõneks sekundiks nuppu CH, et kustutada kuvatud kanali jooksvad andmed, et seejärel laadida alla selle kanali andmed uuesti. Kui ühendatud kanali andur ei saa tunni jooksul andmeid, siis kuvatakse teade "- - -" ja andmete vastuvõtmist korratakse 3 minuti jooksul.

Max/Min andmed: Õhutemperatuuri ja -niiskuse maksimaalsed (MAX) ja minimaalsed (MIN) väärtused kogutakse 24 tunni jooksul. Need andmed kustutatakse ja salvestatakse uuesti iga päev kell 0:00. Vajutage nuppu MAX/MIN, et lülitada ümber: maksimaalsete õhutemperatuuri / -niiskuse väärtuste → minimaalsete õhutemperatuuri / -niiskuse väärtuste vahel. Kui kuvatakse maksimaalse/minimaalse õhutemperatuuri / -niiskus, siis vajutage ja hoidke andmete kustutamiseks paar sekundit all nuppu MAX/MIN. Sümbolit "- - -" kuvatakse 3 sekundi jooksul, seejärel naaseb seade uuesti kuvama hetketemperatuuri / -niiskust.

Õhuniiskuse muutumise tendentside tuvastamine: Tõusva trendi korral kuvatakse sümbol. Stabiilse õhuniiskuse korral kuvatakse sümbol. Langeva trendi korral kuvatakse sümbol.

Õhurõhu mõõtmise funktsioon: Õhurõhu mõõtepiirkond: 600 hPa — 1100 hPa, mõõtmistäpsus: 1 hPa. Baromeetri näit uueneb iga tund ja õhurõhu väärtus registreeritakse. Vajutage kellaaja kuvamise ajal nuppu UP, et kuvada viimase 12 tunni õhurõhk järgmises järjekorras: hetkeõhk → viimane tund → viimased 2 tundi jne. Kui 10 sekundi jooksul mitte ühtegi toimingut ei tehta, siis naaseb seade hetkeõhurõhu kuvamisele. Vajutage kellaaja kuvamise ajal ja hoidke all nuppu UP, et lülitada ümber õhurõhu mõõtühikud hPa ja elavhõbedasamba tollide (inHg) vahel.

Õhurõhu muutuste tendentside tuvastamine: Kui õhurõhk kasvab üle 1 hPa, kuvatakse sümbol. Kui õhurõhu näit kõigub 1 tunni jooksul mitte üle 1 hPa, siis kuvatakse sümbol. Kui õhurõhu näit väheneb 1 tunni jooksul kuni 1 hPa, siis kuvatakse sümbol.

Ilmaprognoosi funktsioon: Kuue ilmatrendi kuvamine: päikeline, päikesepaiste pilvisusega, pilvine, vihmane, äike ja lumi. Dünaamiline ilmaprognoosi kuvamine.

4. MUUD FUNKTSIOONID: Kui seade töötab patareidega, siis mistahes nupule vajutamine lülitab taustvalgustuse 8 sekundiks sisse. Kui seadme toiteallikaks on toiteadapter, siis vajutage taustvalgustuse reguleerimiseks nuppu SNOOZE/LIGHT: ere taustvalgus → keskmine taustvalgus → välja lülitatud. Kui seadme toiteallikaks on toiteadapter ja taustvalgustus ning äratus lülituvad sisse taustvalgustuse taustvalgustuse funktsioon lülitub pärast signaali välja.

5. TEHNILISED ANDMED: Meteojaam: 3 x AAA / LR3 (ei kuulu komplekti) ja / või toiteadapter 4,5V / 150 mA (kuulub komplekti). Andur: 2 x AAA / LR3 (ei kuulu komplekti).

6. JÄÄTMETE UTILISEERIMINE: Kasutatud elektri- ja elektroonikaseadmeid ei tohi visata olmeprügisse. Sellist jäätmete sorteerimine ja nõuetekohane utiliseerimine aitab kaasa keskkonna kaitsmisele. Kasutaja vastutab kasutatud seadmete üleandmise eest spetsiaalsesse kogumispunkti, kus see võetakse tasuta vastu. Teavet selliste kogumispunkti kohta saate kohalikest ametiasutustest või kauplusest, kust seadme ostsite. Märkus! Iga majapidamine on elektri- ja elektroonikaseadmete kasutaja ning seetõttu potentsiaalne inimestele ja keskkonnale ohtlike jäätmete tekitaja, kuna seadmes on ohtlikke aineid, segusid ja komponente. Teisest küljest on kasutatud seadmed väärtuslik materjal, millest saab kätte selliseid tooraineid nagu vask, tina, klaas, raud jms. Läbikriipsutatud prügikasti sümbol toote, selle pakendil või kaasasolevatel dokumentidel tähendab, et toodet ei tohi visata muude jäätmete hulka. See sümbol viitab samaaegselt sellele, et seade lasti käibele pärast 13. augustit 2005. a. Kasutaja peab viima kasutatud seadme nõuetekohaseks ümbertöötlemiseks selleks ettenähtud kogumispunkti. Teavet kasutatud elektroonikaseadmete kogumissüsteemi kohta saate kaupluse infoletist või linna / linnaosa kohalikest ametiasutustest. Kasutatud seadmete õige käitlemine hoiab ära negatiivsed tagajärjed keskkonnale ja inimeste tervisele.

WARUNKI GWARANCJI

1. Gwarancja udzielana jest przez firmę BROWIN Spółka z ograniczoną odpowiedzialnością Sp.k. z siedzibą: 93-373 Łódź, ul. Pryncypalna 129/141; na okres 12 miesięcy, z wyłączeniem tych elementów zestawu, które mają na opakowaniu swoją własną datę ważności.

2. Niniejsza gwarancja dotyczy wyłącznie sprzętu sprzedawanego na terytorium Polski.

3. Odpowiedź na reklamację udzielana jest w terminie 30 dni od dnia jej otrzymania, o ile odrębne przepisy nie stanowią inaczej.

4. Jeżeli do dokonania naprawy wystąpi konieczność sprowadzenia części zamiennych z zagranicy, termin naprawy może ulec przedłużeniu (do 30 dni roboczych od daty otrzymania towaru do naprawy).

5. Gwarancja uprawnia do bezpłatnych napraw nabytego sprzętu, polegających na usuwaniu wad fizycznych, które ujawniły się w okresie gwarancyjnym, z zastrzeżeniem punktu 8.

6. Zgłoszenie wady sprzętu powinno zawierać dowód jego zakupu, nazwę produktu i nr jego numer katalogowy.

7. Towar dostarczany przez reklamującego powinien być czysty i odpowiednio zabezpieczony przed uszko-dzeniem w czasie transportu.

8. Gwarancja nie obejmuje:

• uszkodzeń mechanicznych, chemicznych, termicznych i korozji;
• uszkodzeń spowodowanych działaniem czynników zewnętrznych, atmosferycznych, niezależnych od pro-ducenta, a w szczególności wynikających z użytkowania niezgodnego z instrukcją obsługi;
• usterek powstałych w wyniku niewłaściwego montażu lub naprawy;
• uszkodzeń powstałych w wyniku używania produktu niezgodnie z przeznaczeniem;
• usterek wynikających z samowolnych, dokonywanych przez użytkownika lub inne nieupoważnione osoby napraw, przeróbek lub zmian konstrukcyjnych.

9. Niniejsza gwarancja nie ogranicza, nie zawiesza ani nie wyłącza uprawnień kupującego w stosunku do sprzedawcy, wynikających z niezgodności towaru konsumpcyjnego z umową.

10. W przypadku gdy naprawa, bądź wymiana urządzenia na nowe jest niemożliwa, reklamującemu przysługuje prawo do zwrotu zapłaconej kwoty.

Życzymy satysfakcji z użytkowania zakupionego produktu i zachęcamy do zapoznania się z bogatym asortymentem dostępnym w ofercie naszej Firmy.
